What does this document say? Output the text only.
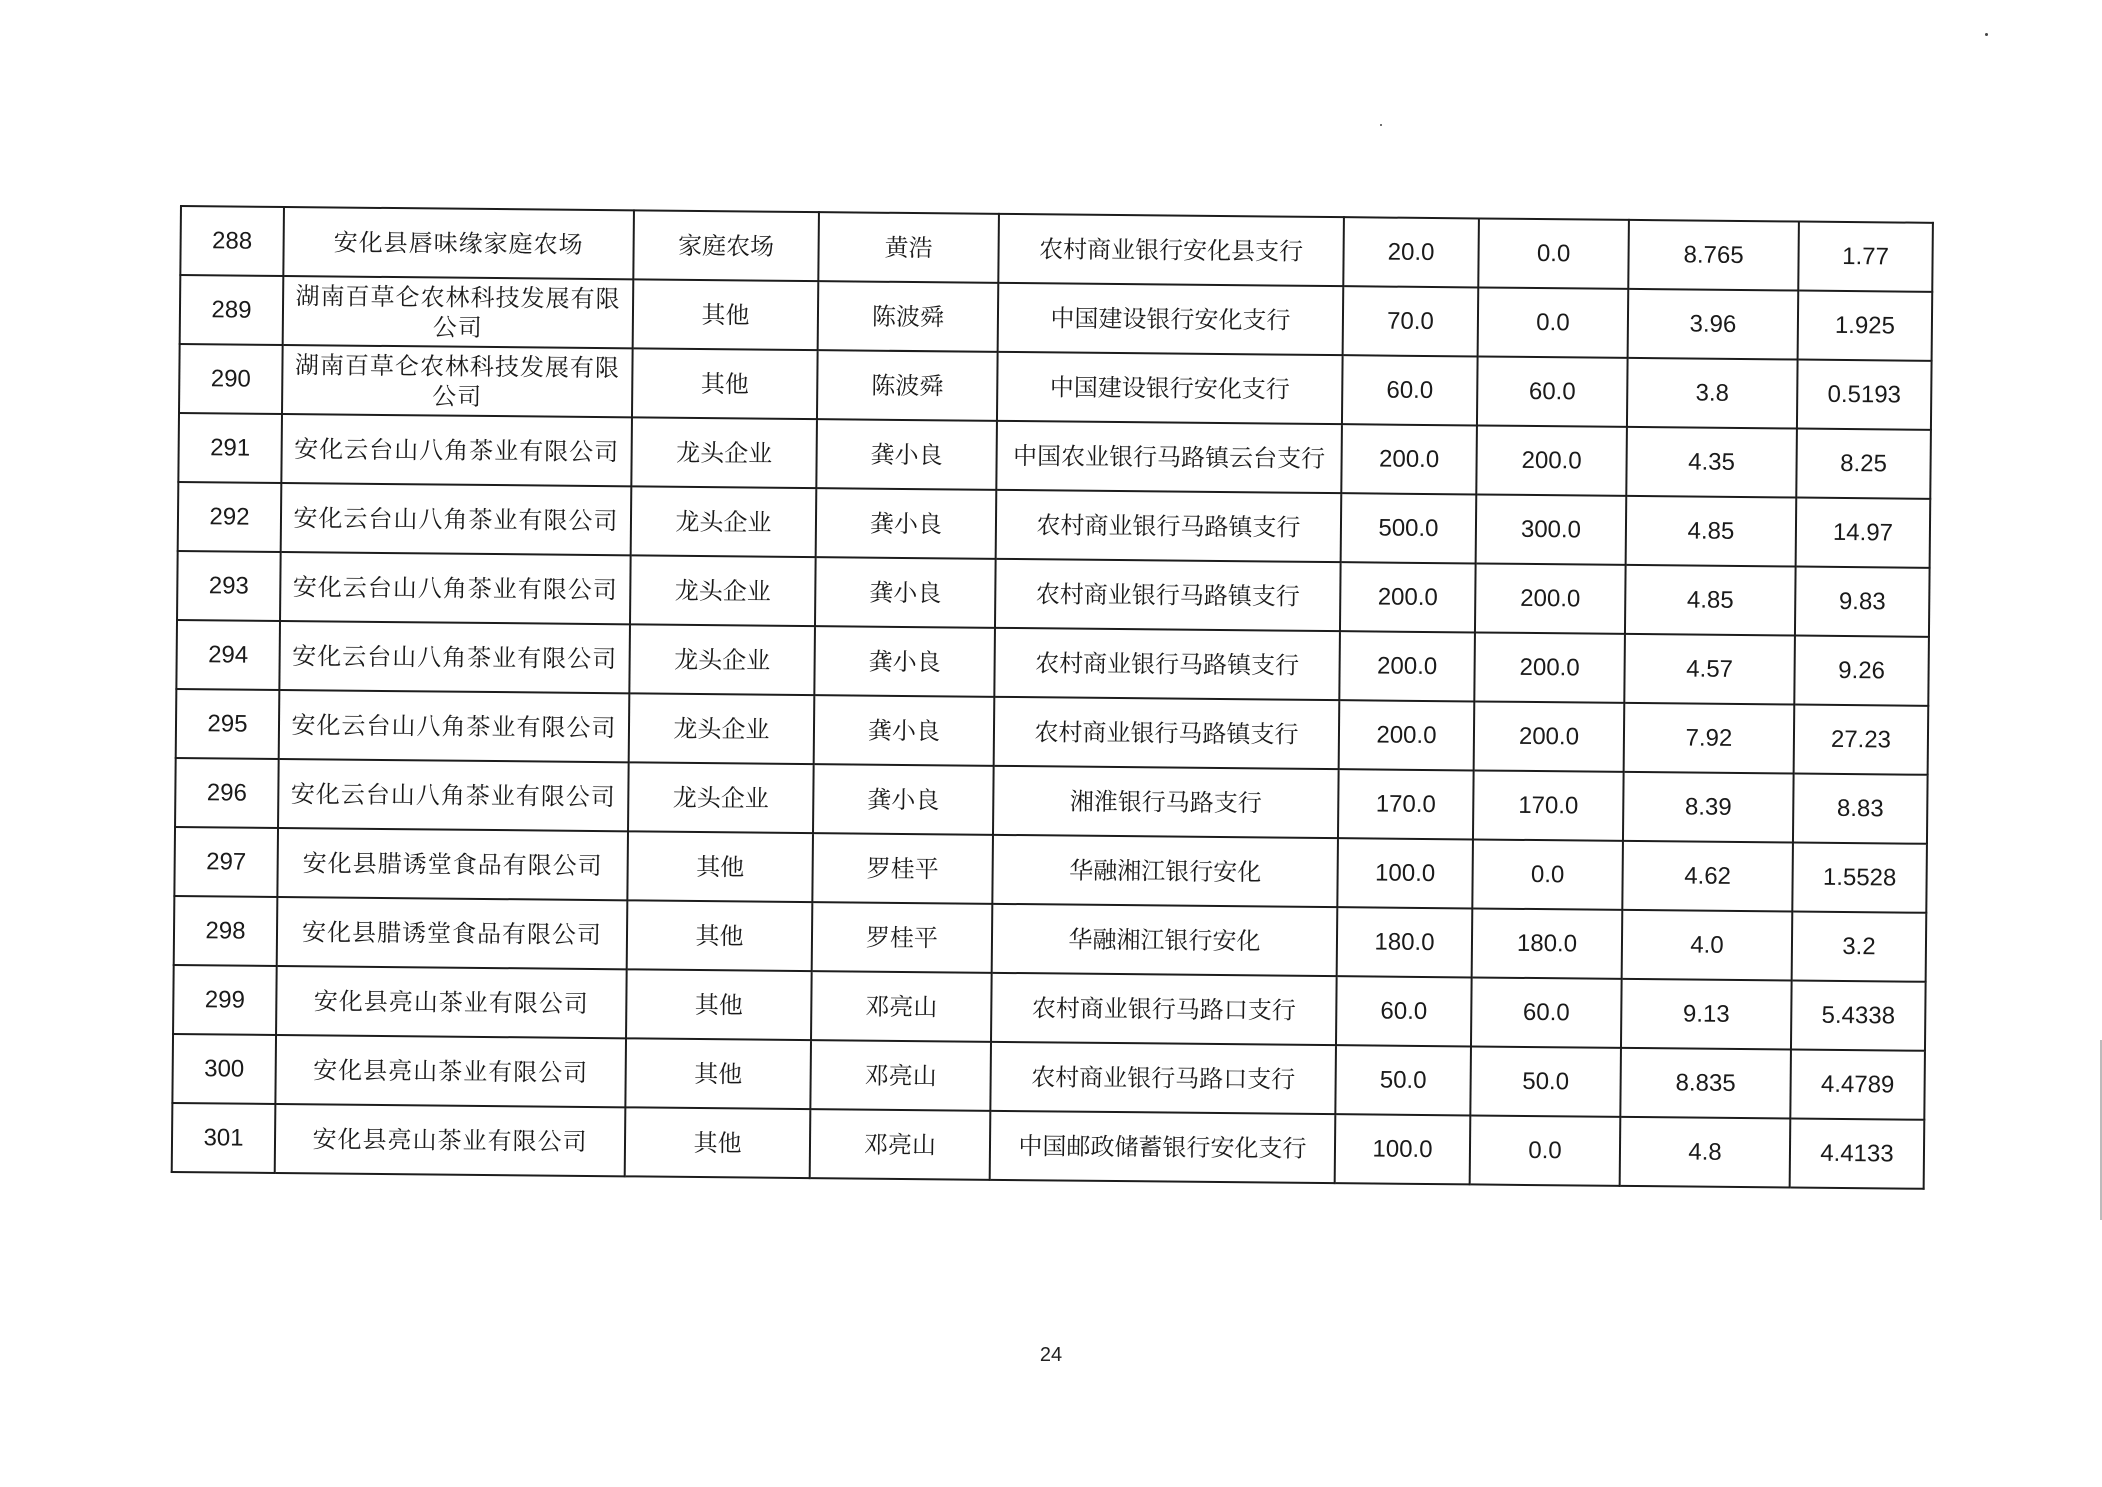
288	安化县唇味缘家庭农场	家庭农场	黄浩	农村商业银行安化县支行	20.0	0.0	8.765	1.77
289	湖南百草仑农林科技发展有限公司	其他	陈波舜	中国建设银行安化支行	70.0	0.0	3.96	1.925
290	湖南百草仑农林科技发展有限公司	其他	陈波舜	中国建设银行安化支行	60.0	60.0	3.8	0.5193
291	安化云台山八角茶业有限公司	龙头企业	龚小良	中国农业银行马路镇云台支行	200.0	200.0	4.35	8.25
292	安化云台山八角茶业有限公司	龙头企业	龚小良	农村商业银行马路镇支行	500.0	300.0	4.85	14.97
293	安化云台山八角茶业有限公司	龙头企业	龚小良	农村商业银行马路镇支行	200.0	200.0	4.85	9.83
294	安化云台山八角茶业有限公司	龙头企业	龚小良	农村商业银行马路镇支行	200.0	200.0	4.57	9.26
295	安化云台山八角茶业有限公司	龙头企业	龚小良	农村商业银行马路镇支行	200.0	200.0	7.92	27.23
296	安化云台山八角茶业有限公司	龙头企业	龚小良	湘淮银行马路支行	170.0	170.0	8.39	8.83
297	安化县腊诱堂食品有限公司	其他	罗桂平	华融湘江银行安化	100.0	0.0	4.62	1.5528
298	安化县腊诱堂食品有限公司	其他	罗桂平	华融湘江银行安化	180.0	180.0	4.0	3.2
299	安化县亮山茶业有限公司	其他	邓亮山	农村商业银行马路口支行	60.0	60.0	9.13	5.4338
300	安化县亮山茶业有限公司	其他	邓亮山	农村商业银行马路口支行	50.0	50.0	8.835	4.4789
301	安化县亮山茶业有限公司	其他	邓亮山	中国邮政储蓄银行安化支行	100.0	0.0	4.8	4.4133
24
